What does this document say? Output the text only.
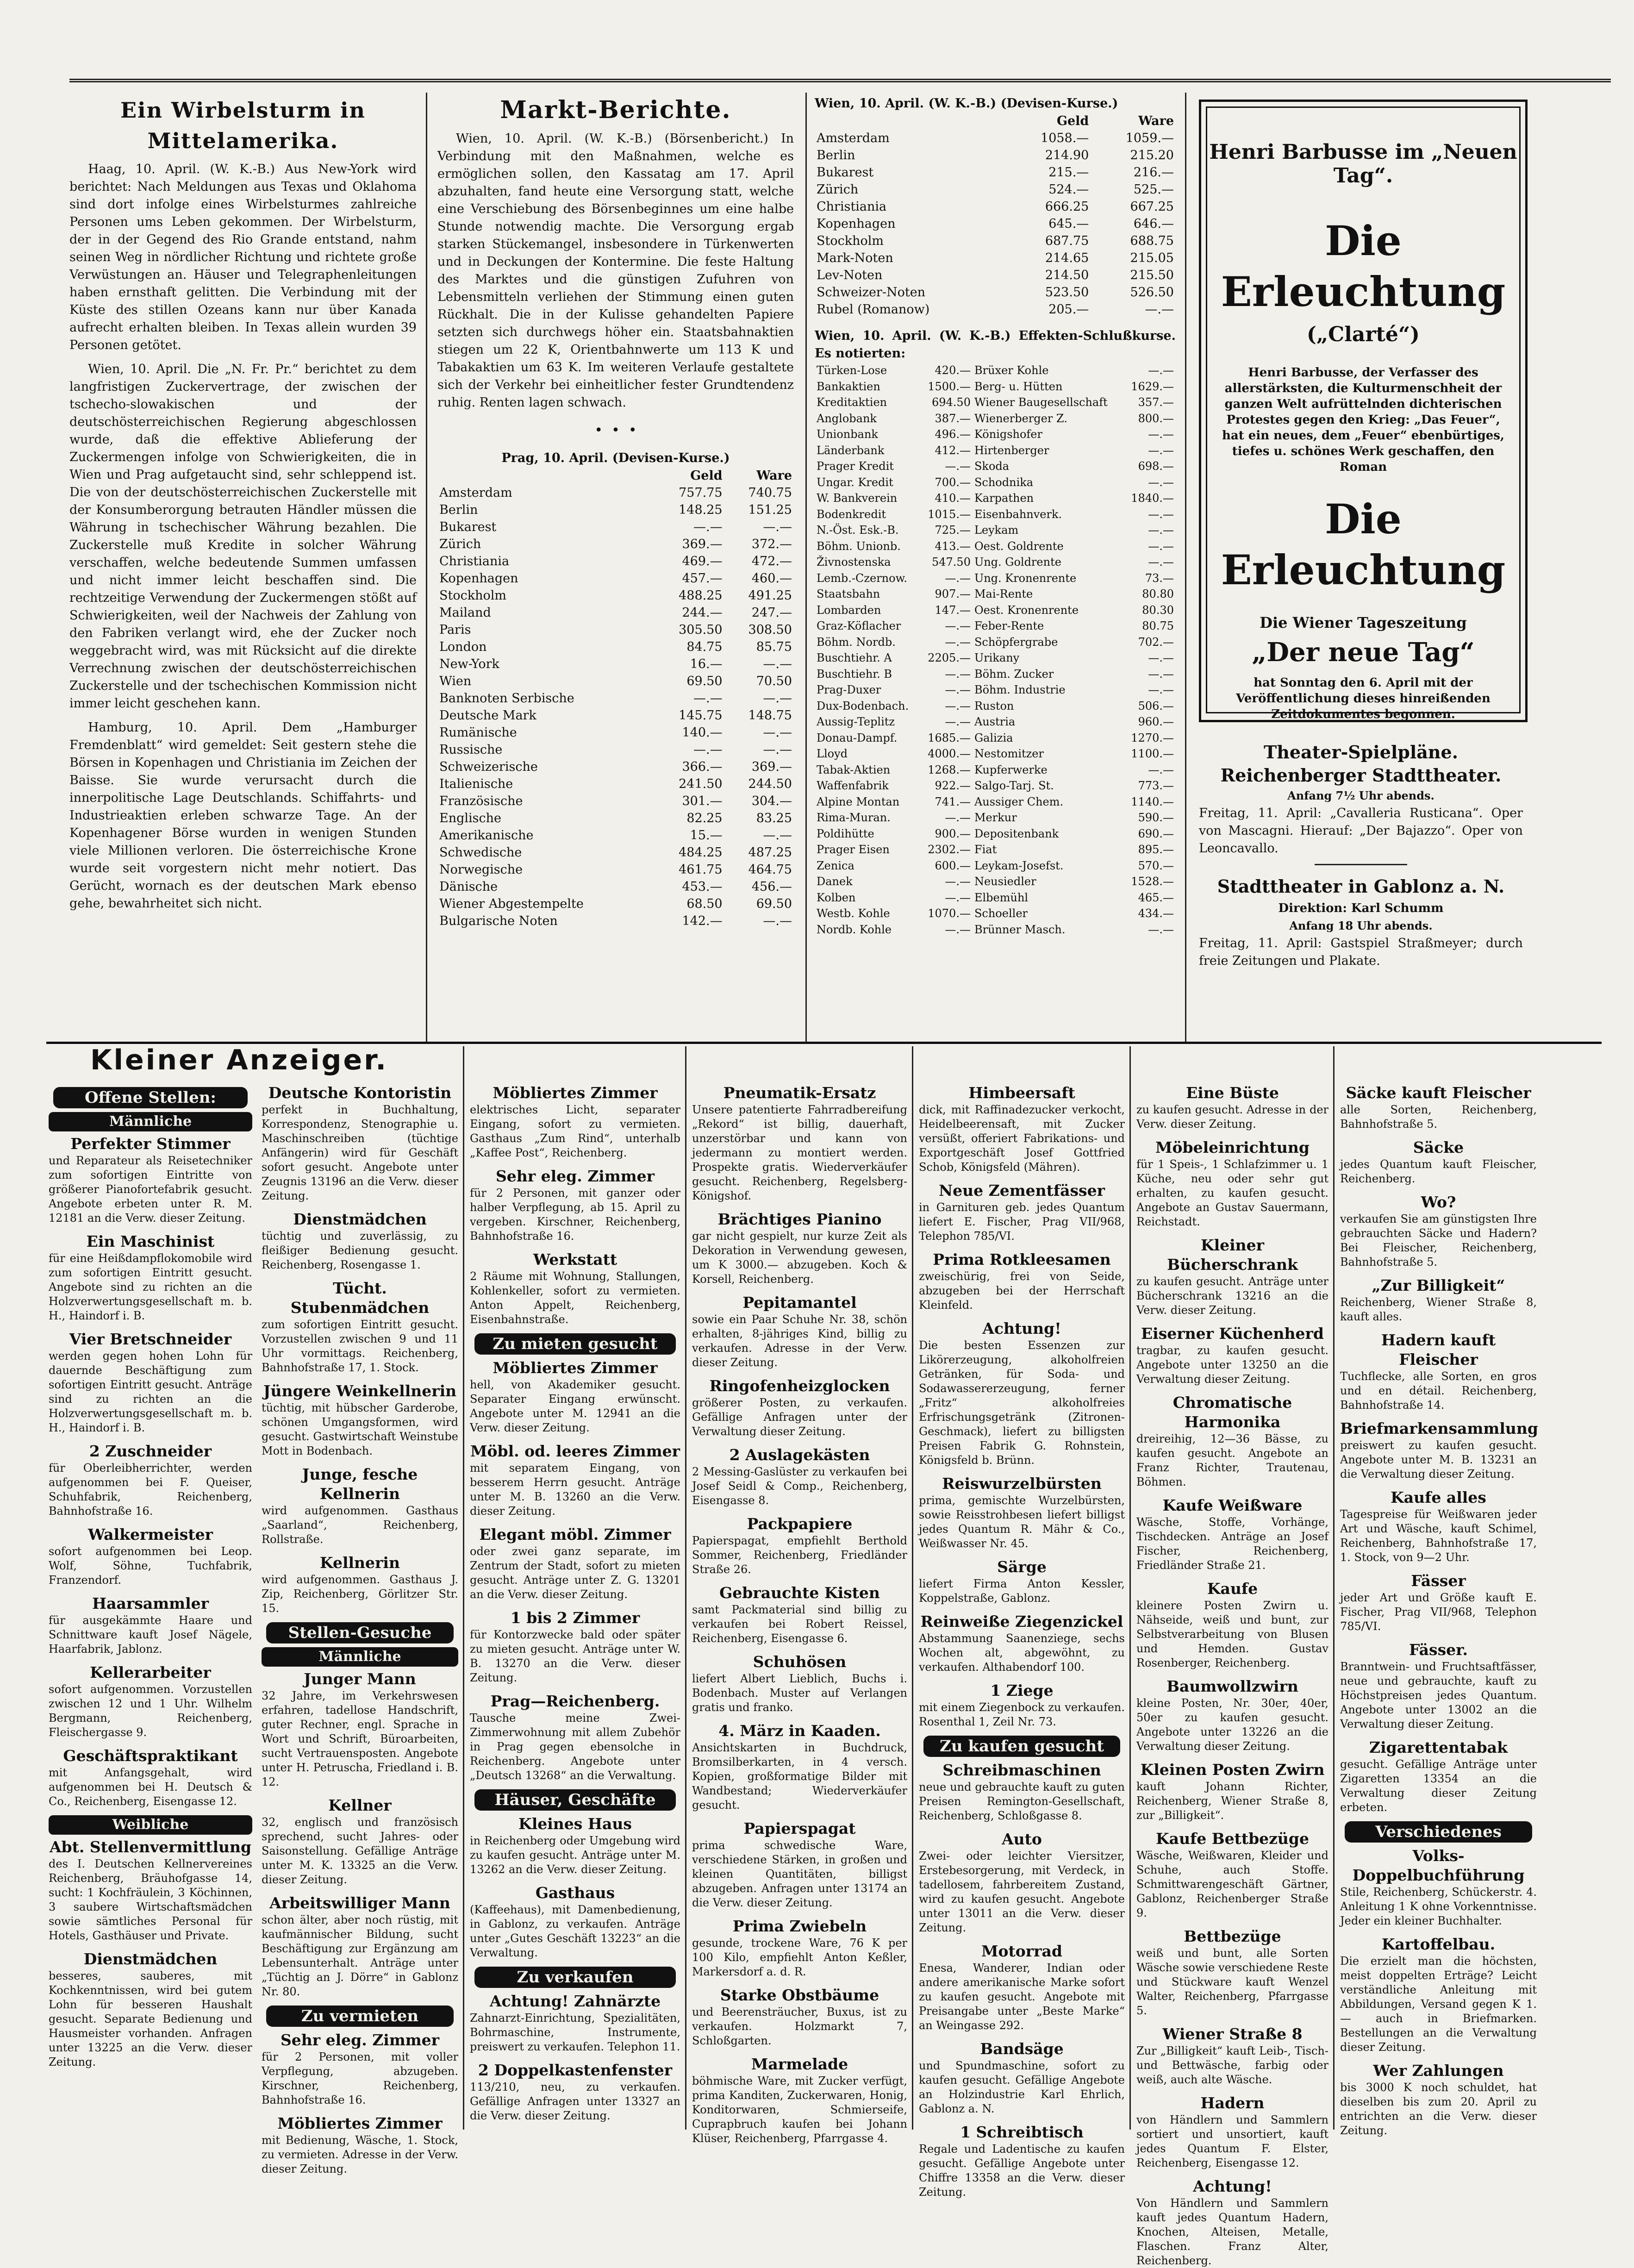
Ein Wirbelsturm in Mittelamerika.

Haag, 10. April. (W. K.-B.) Aus New-York wird berichtet: Nach Meldungen aus Texas und Oklahoma sind dort infolge eines Wirbelsturmes zahlreiche Personen ums Leben gekommen. Der Wirbelsturm, der in der Gegend des Rio Grande entstand, nahm seinen Weg in nördlicher Richtung und richtete große Verwüstungen an. Häuser und Telegraphenleitungen haben ernsthaft gelitten. Die Verbindung mit der Küste des stillen Ozeans kann nur über Kanada aufrecht erhalten bleiben. In Texas allein wurden 39 Personen getötet.

Wien, 10. April. Die „N. Fr. Pr.“ berichtet zu dem langfristigen Zuckervertrage, der zwischen der tschecho-slowakischen und der deutschösterreichischen Regierung abgeschlossen wurde, daß die effektive Ablieferung der Zuckermengen infolge von Schwierigkeiten, die in Wien und Prag aufgetaucht sind, sehr schleppend ist. Die von der deutschösterreichischen Zuckerstelle mit der Konsumberorgung betrauten Händler müssen die Währung in tschechischer Währung bezahlen. Die Zuckerstelle muß Kredite in solcher Währung verschaffen, welche bedeutende Summen umfassen und nicht immer leicht beschaffen sind. Die rechtzeitige Verwendung der Zuckermengen stößt auf Schwierigkeiten, weil der Nachweis der Zahlung von den Fabriken verlangt wird, ehe der Zucker noch weggebracht wird, was mit Rücksicht auf die direkte Verrechnung zwischen der deutschösterreichischen Zuckerstelle und der tschechischen Kommission nicht immer leicht geschehen kann.

Hamburg, 10. April. Dem „Hamburger Fremdenblatt“ wird gemeldet: Seit gestern stehe die Börsen in Kopenhagen und Christiania im Zeichen der Baisse. Sie wurde verursacht durch die innerpolitische Lage Deutschlands. Schiffahrts- und Industrieaktien erleben schwarze Tage. An der Kopenhagener Börse wurden in wenigen Stunden viele Millionen verloren. Die österreichische Krone wurde seit vorgestern nicht mehr notiert. Das Gerücht, wornach es der deutschen Mark ebenso gehe, bewahrheitet sich nicht.

Markt-Berichte.

Wien, 10. April. (W. K.-B.) (Börsenbericht.) In Verbindung mit den Maßnahmen, welche es ermöglichen sollen, den Kassatag am 17. April abzuhalten, fand heute eine Versorgung statt, welche eine Verschiebung des Börsenbeginnes um eine halbe Stunde notwendig machte. Die Versorgung ergab starken Stückemangel, insbesondere in Türkenwerten und in Deckungen der Kontermine. Die feste Haltung des Marktes und die günstigen Zufuhren von Lebensmitteln verliehen der Stimmung einen guten Rückhalt. Die in der Kulisse gehandelten Papiere setzten sich durchwegs höher ein. Staatsbahnaktien stiegen um 22 K, Orientbahnwerte um 113 K und Tabakaktien um 63 K. Im weiteren Verlaufe gestaltete sich der Verkehr bei einheitlicher fester Grundtendenz ruhig. Renten lagen schwach.

•  •  •
Prag, 10. April. (Devisen-Kurse.)
	Geld	Ware
Amsterdam	757.75	740.75
Berlin	148.25	151.25
Bukarest	—.—	—.—
Zürich	369.—	372.—
Christiania	469.—	472.—
Kopenhagen	457.—	460.—
Stockholm	488.25	491.25
Mailand	244.—	247.—
Paris	305.50	308.50
London	84.75	85.75
New-York	16.—	—.—
Wien	69.50	70.50
Banknoten Serbische	—.—	—.—
Deutsche Mark	145.75	148.75
Rumänische	140.—	—.—
Russische	—.—	—.—
Schweizerische	366.—	369.—
Italienische	241.50	244.50
Französische	301.—	304.—
Englische	82.25	83.25
Amerikanische	15.—	—.—
Schwedische	484.25	487.25
Norwegische	461.75	464.75
Dänische	453.—	456.—
Wiener Abgestempelte	68.50	69.50
Bulgarische Noten	142.—	—.—
Wien, 10. April. (W. K.-B.) (Devisen-Kurse.)
	Geld	Ware
Amsterdam	1058.—	1059.—
Berlin	214.90	215.20
Bukarest	215.—	216.—
Zürich	524.—	525.—
Christiania	666.25	667.25
Kopenhagen	645.—	646.—
Stockholm	687.75	688.75
Mark-Noten	214.65	215.05
Lev-Noten	214.50	215.50
Schweizer-Noten	523.50	526.50
Rubel (Romanow)	205.—	—.—
Wien, 10. April. (W. K.-B.) Effekten-Schlußkurse. Es notierten:
Türken-Lose	420.—	Brüxer Kohle	—.—
Bankaktien	1500.—	Berg- u. Hütten	1629.—
Kreditaktien	694.50	Wiener Baugesellschaft	357.—
Anglobank	387.—	Wienerberger Z.	800.—
Unionbank	496.—	Königshofer	—.—
Länderbank	412.—	Hirtenberger	—.—
Prager Kredit	—.—	Skoda	698.—
Ungar. Kredit	700.—	Schodnika	—.—
W. Bankverein	410.—	Karpathen	1840.—
Bodenkredit	1015.—	Eisenbahnverk.	—.—
N.-Öst. Esk.-B.	725.—	Leykam	—.—
Böhm. Unionb.	413.—	Oest. Goldrente	—.—
Živnostenska	547.50	Ung. Goldrente	—.—
Lemb.-Czernow.	—.—	Ung. Kronenrente	73.—
Staatsbahn	907.—	Mai-Rente	80.80
Lombarden	147.—	Oest. Kronenrente	80.30
Graz-Köflacher	—.—	Feber-Rente	80.75
Böhm. Nordb.	—.—	Schöpfergrabe	702.—
Buschtiehr. A	2205.—	Urikany	—.—
Buschtiehr. B	—.—	Böhm. Zucker	—.—
Prag-Duxer	—.—	Böhm. Industrie	—.—
Dux-Bodenbach.	—.—	Ruston	506.—
Aussig-Teplitz	—.—	Austria	960.—
Donau-Dampf.	1685.—	Galizia	1270.—
Lloyd	4000.—	Nestomitzer	1100.—
Tabak-Aktien	1268.—	Kupferwerke	—.—
Waffenfabrik	922.—	Salgo-Tarj. St.	773.—
Alpine Montan	741.—	Aussiger Chem.	1140.—
Rima-Muran.	—.—	Merkur	590.—
Poldihütte	900.—	Depositenbank	690.—
Prager Eisen	2302.—	Fiat	895.—
Zenica	600.—	Leykam-Josefst.	570.—
Danek	—.—	Neusiedler	1528.—
Kolben	—.—	Elbemühl	465.—
Westb. Kohle	1070.—	Schoeller	434.—
Nordb. Kohle	—.—	Brünner Masch.	—.—
Henri Barbusse im „Neuen Tag“.
Die Erleuchtung
(„Clarté“)
Henri Barbusse, der Verfasser des allerstärksten, die Kulturmenschheit der ganzen Welt aufrüttelnden dichterischen Protestes gegen den Krieg: „Das Feuer“, hat ein neues, dem „Feuer“ ebenbürtiges, tiefes u. schönes Werk geschaffen, den Roman
Die Erleuchtung
Die Wiener Tageszeitung
„Der neue Tag“
hat Sonntag den 6. April mit der Veröffentlichung dieses hinreißenden Zeitdokumentes begonnen.
Theater-Spielpläne.
Reichenberger Stadttheater.
Anfang 7½ Uhr abends.

Freitag, 11. April: „Cavalleria Rusticana“. Oper von Mascagni. Hierauf: „Der Bajazzo“. Oper von Leoncavallo.

Stadttheater in Gablonz a. N.
Direktion: Karl Schumm
Anfang 18 Uhr abends.

Freitag, 11. April: Gastspiel Straßmeyer; durch freie Zeitungen und Plakate.

Kleiner Anzeiger.
Offene Stellen:
Männliche
Perfekter Stimmer
und Reparateur als Reisetechniker zum sofortigen Eintritte von größerer Pianofortefabrik gesucht. Angebote erbeten unter R. M. 12181 an die Verw. dieser Zeitung.
Ein Maschinist
für eine Heißdampflokomobile wird zum sofortigen Eintritt gesucht. Angebote sind zu richten an die Holzverwertungsgesellschaft m. b. H., Haindorf i. B.
Vier Bretschneider
werden gegen hohen Lohn für dauernde Beschäftigung zum sofortigen Eintritt gesucht. Anträge sind zu richten an die Holzverwertungsgesellschaft m. b. H., Haindorf i. B.
2 Zuschneider
für Oberleibherrichter, werden aufgenommen bei F. Queiser, Schuhfabrik, Reichenberg, Bahnhofstraße 16.
Walkermeister
sofort aufgenommen bei Leop. Wolf, Söhne, Tuchfabrik, Franzendorf.
Haarsammler
für ausgekämmte Haare und Schnittware kauft Josef Nägele, Haarfabrik, Jablonz.
Kellerarbeiter
sofort aufgenommen. Vorzustellen zwischen 12 und 1 Uhr. Wilhelm Bergmann, Reichenberg, Fleischergasse 9.
Geschäftspraktikant
mit Anfangsgehalt, wird aufgenommen bei H. Deutsch & Co., Reichenberg, Eisengasse 12.
Weibliche
Abt. Stellenvermittlung
des I. Deutschen Kellnervereines Reichenberg, Bräuhofgasse 14, sucht: 1 Kochfräulein, 3 Köchinnen, 3 saubere Wirtschaftsmädchen sowie sämtliches Personal für Hotels, Gasthäuser und Private.
Dienstmädchen
besseres, sauberes, mit Kochkenntnissen, wird bei gutem Lohn für besseren Haushalt gesucht. Separate Bedienung und Hausmeister vorhanden. Anfragen unter 13225 an die Verw. dieser Zeitung.
Deutsche Kontoristin
perfekt in Buchhaltung, Korrespondenz, Stenographie u. Maschinschreiben (tüchtige Anfängerin) wird für Geschäft sofort gesucht. Angebote unter Zeugnis 13196 an die Verw. dieser Zeitung.
Dienstmädchen
tüchtig und zuverlässig, zu fleißiger Bedienung gesucht. Reichenberg, Rosengasse 1.
Tücht. Stubenmädchen
zum sofortigen Eintritt gesucht. Vorzustellen zwischen 9 und 11 Uhr vormittags. Reichenberg, Bahnhofstraße 17, 1. Stock.
Jüngere Weinkellnerin
tüchtig, mit hübscher Garderobe, schönen Umgangsformen, wird gesucht. Gastwirtschaft Weinstube Mott in Bodenbach.
Junge, fesche Kellnerin
wird aufgenommen. Gasthaus „Saarland“, Reichenberg, Rollstraße.
Kellnerin
wird aufgenommen. Gasthaus J. Zip, Reichenberg, Görlitzer Str. 15.
Stellen-Gesuche
Männliche
Junger Mann
32 Jahre, im Verkehrswesen erfahren, tadellose Handschrift, guter Rechner, engl. Sprache in Wort und Schrift, Büroarbeiten, sucht Vertrauensposten. Angebote unter H. Petruscha, Friedland i. B. 12.
Kellner
32, englisch und französisch sprechend, sucht Jahres- oder Saisonstellung. Gefällige Anträge unter M. K. 13325 an die Verw. dieser Zeitung.
Arbeitswilliger Mann
schon älter, aber noch rüstig, mit kaufmännischer Bildung, sucht Beschäftigung zur Ergänzung am Lebensunterhalt. Anträge unter „Tüchtig an J. Dörre“ in Gablonz Nr. 80.
Zu vermieten
Sehr eleg. Zimmer
für 2 Personen, mit voller Verpflegung, abzugeben. Kirschner, Reichenberg, Bahnhofstraße 16.
Möbliertes Zimmer
mit Bedienung, Wäsche, 1. Stock, zu vermieten. Adresse in der Verw. dieser Zeitung.
Möbliertes Zimmer
elektrisches Licht, separater Eingang, sofort zu vermieten. Gasthaus „Zum Rind“, unterhalb „Kaffee Post“, Reichenberg.
Sehr eleg. Zimmer
für 2 Personen, mit ganzer oder halber Verpflegung, ab 15. April zu vergeben. Kirschner, Reichenberg, Bahnhofstraße 16.
Werkstatt
2 Räume mit Wohnung, Stallungen, Kohlenkeller, sofort zu vermieten. Anton Appelt, Reichenberg, Eisenbahnstraße.
Zu mieten gesucht
Möbliertes Zimmer
hell, von Akademiker gesucht. Separater Eingang erwünscht. Angebote unter M. 12941 an die Verw. dieser Zeitung.
Möbl. od. leeres Zimmer
mit separatem Eingang, von besserem Herrn gesucht. Anträge unter M. B. 13260 an die Verw. dieser Zeitung.
Elegant möbl. Zimmer
oder zwei ganz separate, im Zentrum der Stadt, sofort zu mieten gesucht. Anträge unter Z. G. 13201 an die Verw. dieser Zeitung.
1 bis 2 Zimmer
für Kontorzwecke bald oder später zu mieten gesucht. Anträge unter W. B. 13270 an die Verw. dieser Zeitung.
Prag—Reichenberg.
Tausche meine Zwei-Zimmerwohnung mit allem Zubehör in Prag gegen ebensolche in Reichenberg. Angebote unter „Deutsch 13268“ an die Verwaltung.
Häuser, Geschäfte
Kleines Haus
in Reichenberg oder Umgebung wird zu kaufen gesucht. Anträge unter M. 13262 an die Verw. dieser Zeitung.
Gasthaus
(Kaffeehaus), mit Damenbedienung, in Gablonz, zu verkaufen. Anträge unter „Gutes Geschäft 13223“ an die Verwaltung.
Zu verkaufen
Achtung! Zahnärzte
Zahnarzt-Einrichtung, Spezialitäten, Bohrmaschine, Instrumente, preiswert zu verkaufen. Telephon 11.
2 Doppelkastenfenster
113/210, neu, zu verkaufen. Gefällige Anfragen unter 13327 an die Verw. dieser Zeitung.
Pneumatik-Ersatz
Unsere patentierte Fahrradbereifung „Rekord“ ist billig, dauerhaft, unzerstörbar und kann von jedermann zu montiert werden. Prospekte gratis. Wiederverkäufer gesucht. Reichenberg, Regelsberg-Königshof.
Brächtiges Pianino
gar nicht gespielt, nur kurze Zeit als Dekoration in Verwendung gewesen, um K 3000.— abzugeben. Koch & Korsell, Reichenberg.
Pepitamantel
sowie ein Paar Schuhe Nr. 38, schön erhalten, 8-jähriges Kind, billig zu verkaufen. Adresse in der Verw. dieser Zeitung.
Ringofenheizglocken
größerer Posten, zu verkaufen. Gefällige Anfragen unter der Verwaltung dieser Zeitung.
2 Auslagekästen
2 Messing-Gaslüster zu verkaufen bei Josef Seidl & Comp., Reichenberg, Eisengasse 8.
Packpapiere
Papierspagat, empfiehlt Berthold Sommer, Reichenberg, Friedländer Straße 26.
Gebrauchte Kisten
samt Packmaterial sind billig zu verkaufen bei Robert Reissel, Reichenberg, Eisengasse 6.
Schuhösen
liefert Albert Lieblich, Buchs i. Bodenbach. Muster auf Verlangen gratis und franko.
4. März in Kaaden.
Ansichtskarten in Buchdruck, Bromsilberkarten, in 4 versch. Kopien, großformatige Bilder mit Wandbestand; Wiederverkäufer gesucht.
Papierspagat
prima schwedische Ware, verschiedene Stärken, in großen und kleinen Quantitäten, billigst abzugeben. Anfragen unter 13174 an die Verw. dieser Zeitung.
Prima Zwiebeln
gesunde, trockene Ware, 76 K per 100 Kilo, empfiehlt Anton Keßler, Markersdorf a. d. R.
Starke Obstbäume
und Beerensträucher, Buxus, ist zu verkaufen. Holzmarkt 7, Schloßgarten.
Marmelade
böhmische Ware, mit Zucker verfügt, prima Kanditen, Zuckerwaren, Honig, Konditorwaren, Schmierseife, Cuprapbruch kaufen bei Johann Klüser, Reichenberg, Pfarrgasse 4.
Himbeersaft
dick, mit Raffinadezucker verkocht, Heidelbeerensaft, mit Zucker versüßt, offeriert Fabrikations- und Exportgeschäft Josef Gottfried Schob, Königsfeld (Mähren).
Neue Zementfässer
in Garnituren geb. jedes Quantum liefert E. Fischer, Prag VII/968, Telephon 785/VI.
Prima Rotkleesamen
zweischürig, frei von Seide, abzugeben bei der Herrschaft Kleinfeld.
Achtung!
Die besten Essenzen zur Likörerzeugung, alkoholfreien Getränken, für Soda- und Sodawassererzeugung, ferner „Fritz“ alkoholfreies Erfrischungsgetränk (Zitronen-Geschmack), liefert zu billigsten Preisen Fabrik G. Rohnstein, Königsfeld b. Brünn.
Reiswurzelbürsten
prima, gemischte Wurzelbürsten, sowie Reisstrohbesen liefert billigst jedes Quantum R. Mähr & Co., Weißwasser Nr. 45.
Särge
liefert Firma Anton Kessler, Koppelstraße, Gablonz.
Reinweiße Ziegenzickel
Abstammung Saanenziege, sechs Wochen alt, abgewöhnt, zu verkaufen. Althabendorf 100.
1 Ziege
mit einem Ziegenbock zu verkaufen. Rosenthal 1, Zeil Nr. 73.
Zu kaufen gesucht
Schreibmaschinen
neue und gebrauchte kauft zu guten Preisen Remington-Gesellschaft, Reichenberg, Schloßgasse 8.
Auto
Zwei- oder leichter Viersitzer, Erstebesorgerung, mit Verdeck, in tadellosem, fahrbereitem Zustand, wird zu kaufen gesucht. Angebote unter 13011 an die Verw. dieser Zeitung.
Motorrad
Enesa, Wanderer, Indian oder andere amerikanische Marke sofort zu kaufen gesucht. Angebote mit Preisangabe unter „Beste Marke“ an Weingasse 292.
Bandsäge
und Spundmaschine, sofort zu kaufen gesucht. Gefällige Angebote an Holzindustrie Karl Ehrlich, Gablonz a. N.
1 Schreibtisch
Regale und Ladentische zu kaufen gesucht. Gefällige Angebote unter Chiffre 13358 an die Verw. dieser Zeitung.
Eine Büste
zu kaufen gesucht. Adresse in der Verw. dieser Zeitung.
Möbeleinrichtung
für 1 Speis-, 1 Schlafzimmer u. 1 Küche, neu oder sehr gut erhalten, zu kaufen gesucht. Angebote an Gustav Sauermann, Reichstadt.
Kleiner Bücherschrank
zu kaufen gesucht. Anträge unter Bücherschrank 13216 an die Verw. dieser Zeitung.
Eiserner Küchenherd
tragbar, zu kaufen gesucht. Angebote unter 13250 an die Verwaltung dieser Zeitung.
Chromatische Harmonika
dreireihig, 12—36 Bässe, zu kaufen gesucht. Angebote an Franz Richter, Trautenau, Böhmen.
Kaufe Weißware
Wäsche, Stoffe, Vorhänge, Tischdecken. Anträge an Josef Fischer, Reichenberg, Friedländer Straße 21.
Kaufe
kleinere Posten Zwirn u. Nähseide, weiß und bunt, zur Selbstverarbeitung von Blusen und Hemden. Gustav Rosenberger, Reichenberg.
Baumwollzwirn
kleine Posten, Nr. 30er, 40er, 50er zu kaufen gesucht. Angebote unter 13226 an die Verwaltung dieser Zeitung.
Kleinen Posten Zwirn
kauft Johann Richter, Reichenberg, Wiener Straße 8, zur „Billigkeit“.
Kaufe Bettbezüge
Wäsche, Weißwaren, Kleider und Schuhe, auch Stoffe. Schmittwarengeschäft Gärtner, Gablonz, Reichenberger Straße 9.
Bettbezüge
weiß und bunt, alle Sorten Wäsche sowie verschiedene Reste und Stückware kauft Wenzel Walter, Reichenberg, Pfarrgasse 5.
Wiener Straße 8
Zur „Billigkeit“ kauft Leib-, Tisch- und Bettwäsche, farbig oder weiß, auch alte Wäsche.
Hadern
von Händlern und Sammlern sortiert und unsortiert, kauft jedes Quantum F. Elster, Reichenberg, Eisengasse 12.
Achtung!
Von Händlern und Sammlern kauft jedes Quantum Hadern, Knochen, Alteisen, Metalle, Flaschen. Franz Alter, Reichenberg.
Säcke kauft Fleischer
alle Sorten, Reichenberg, Bahnhofstraße 5.
Säcke
jedes Quantum kauft Fleischer, Reichenberg.
Wo?
verkaufen Sie am günstigsten Ihre gebrauchten Säcke und Hadern? Bei Fleischer, Reichenberg, Bahnhofstraße 5.
„Zur Billigkeit“
Reichenberg, Wiener Straße 8, kauft alles.
Hadern kauft Fleischer
Tuchflecke, alle Sorten, en gros und en détail. Reichenberg, Bahnhofstraße 14.
Briefmarkensammlung
preiswert zu kaufen gesucht. Angebote unter M. B. 13231 an die Verwaltung dieser Zeitung.
Kaufe alles
Tagespreise für Weißwaren jeder Art und Wäsche, kauft Schimel, Reichenberg, Bahnhofstraße 17, 1. Stock, von 9—2 Uhr.
Fässer
jeder Art und Größe kauft E. Fischer, Prag VII/968, Telephon 785/VI.
Fässer.
Branntwein- und Fruchtsaftfässer, neue und gebrauchte, kauft zu Höchstpreisen jedes Quantum. Angebote unter 13002 an die Verwaltung dieser Zeitung.
Zigarettentabak
gesucht. Gefällige Anträge unter Zigaretten 13354 an die Verwaltung dieser Zeitung erbeten.
Verschiedenes
Volks-Doppelbuchführung
Stile, Reichenberg, Schückerstr. 4. Anleitung 1 K ohne Vorkenntnisse. Jeder ein kleiner Buchhalter.
Kartoffelbau.
Die erzielt man die höchsten, meist doppelten Erträge? Leicht verständliche Anleitung mit Abbildungen, Versand gegen K 1.— auch in Briefmarken. Bestellungen an die Verwaltung dieser Zeitung.
Wer Zahlungen
bis 3000 K noch schuldet, hat dieselben bis zum 20. April zu entrichten an die Verw. dieser Zeitung.
